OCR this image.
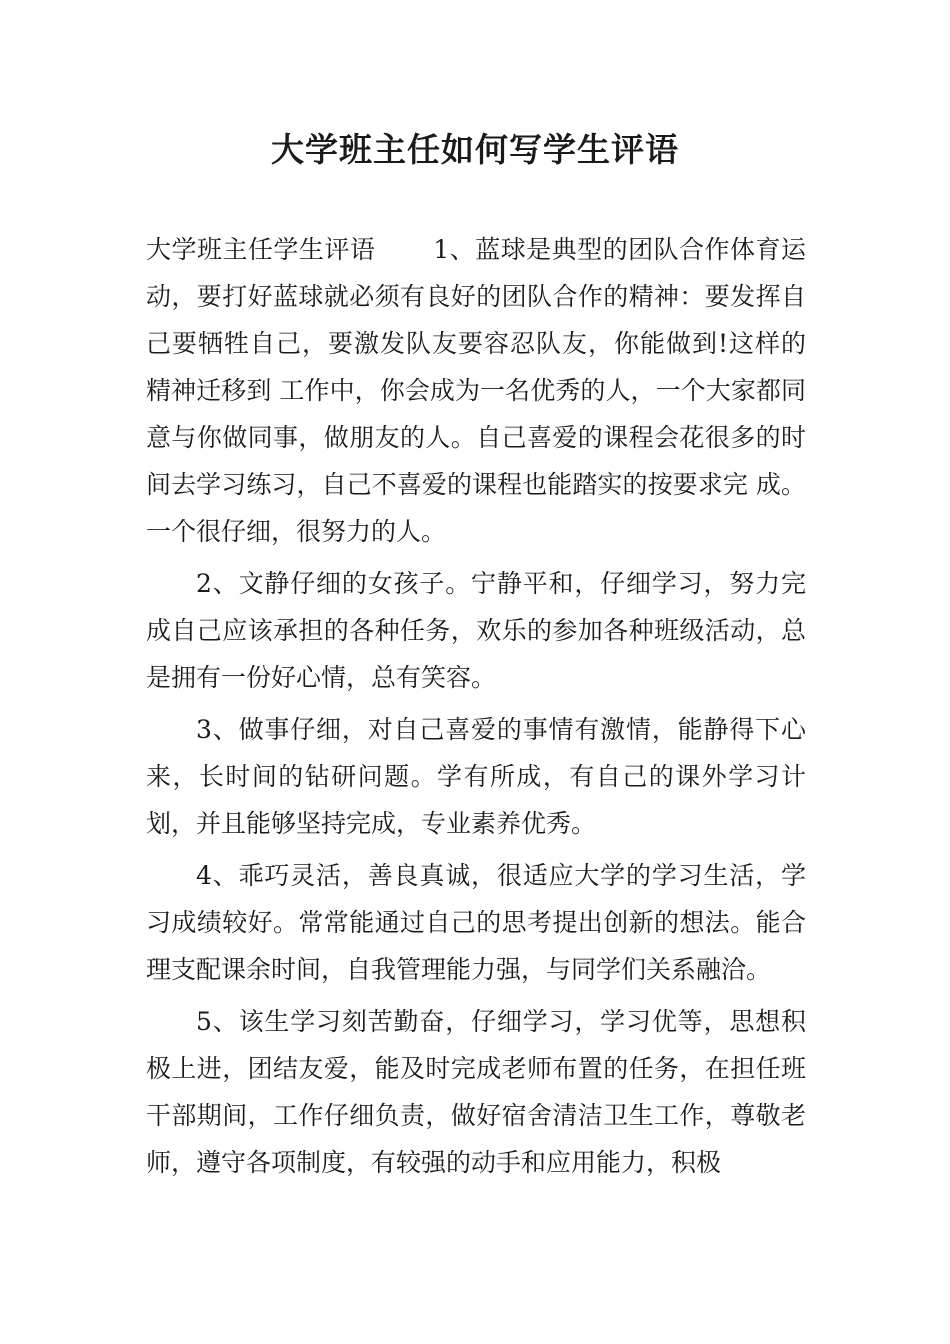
大学班主任如何写学生评语

大学班主任学生评语 1、蓝球是典型的团队合作体育运动，要打好蓝球就必须有良好的团队合作的精神：要发挥自己要牺牲自己，要激发队友要容忍队友，你能做到!这样的精神迁移到 工作中，你会成为一名优秀的人，一个大家都同意与你做同事，做朋友的人。自己喜爱的课程会花很多的时间去学习练习，自己不喜爱的课程也能踏实的按要求完 成。一个很仔细，很努力的人。

2、文静仔细的女孩子。宁静平和，仔细学习，努力完成自己应该承担的各种任务，欢乐的参加各种班级活动，总是拥有一份好心情，总有笑容。

3、做事仔细，对自己喜爱的事情有激情，能静得下心来，长时间的钻研问题。学有所成，有自己的课外学习计划，并且能够坚持完成，专业素养优秀。

4、乖巧灵活，善良真诚，很适应大学的学习生活，学习成绩较好。常常能通过自己的思考提出创新的想法。能合理支配课余时间，自我管理能力强，与同学们关系融洽。

5、该生学习刻苦勤奋，仔细学习，学习优等，思想积极上进，团结友爱，能及时完成老师布置的任务，在担任班干部期间，工作仔细负责，做好宿舍清洁卫生工作，尊敬老师，遵守各项制度，有较强的动手和应用能力，积极
